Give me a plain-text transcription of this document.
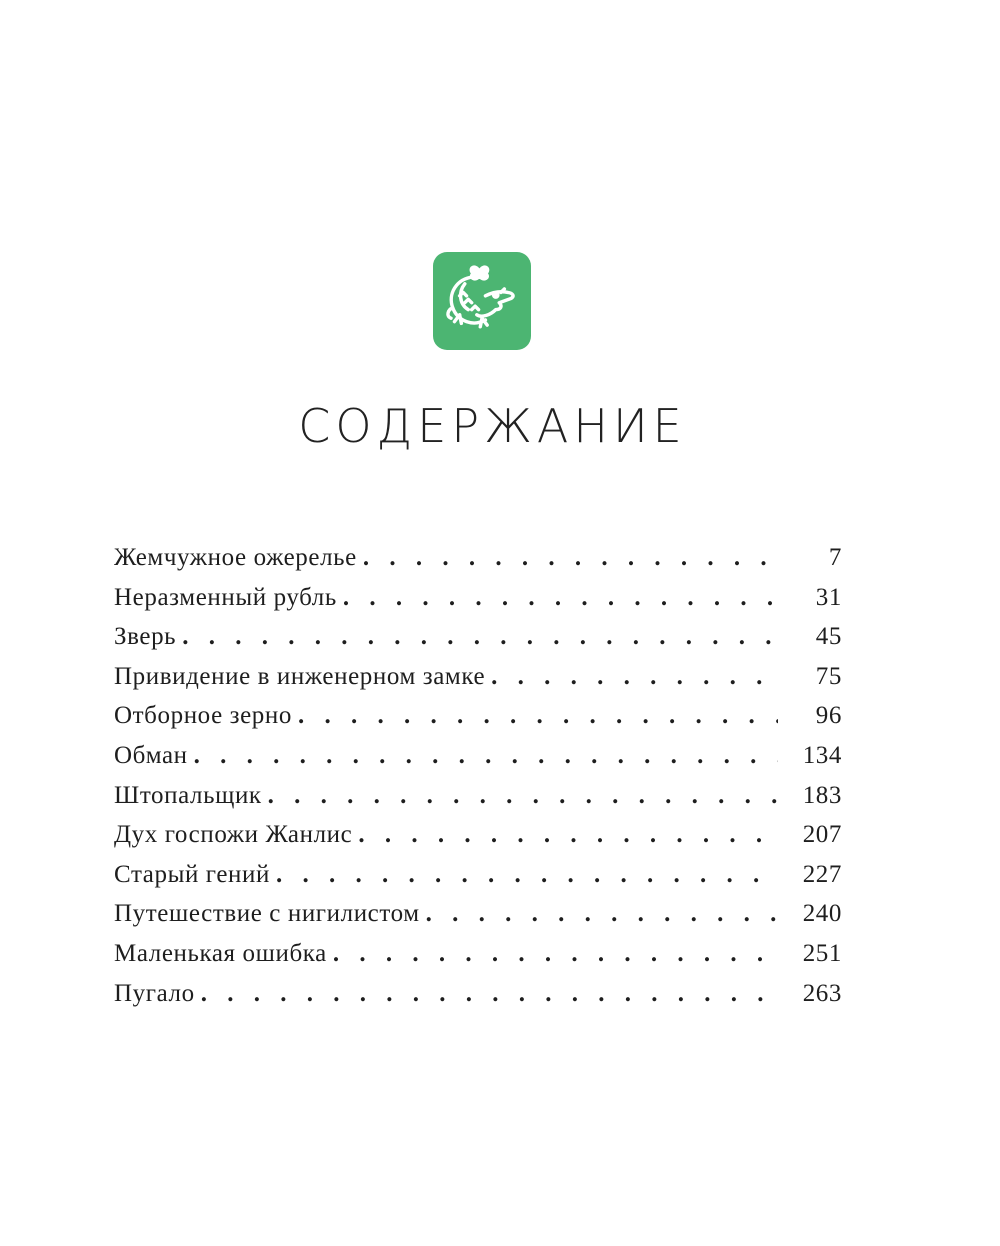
СОДЕРЖАНИЕ
Жемчужное ожерелье . . .	7
Неразменный рубль . . .	31
Зверь . . .	45
Привидение в инженерном замке . . .	75
Отборное зерно . . .	96
Обман . . .	134
Штопальщик . . .	183
Дух госпожи Жанлис . . .	207
Старый гений . . .	227
Путешествие с нигилистом . . .	240
Маленькая ошибка . . .	251
Пугало . . .	263
